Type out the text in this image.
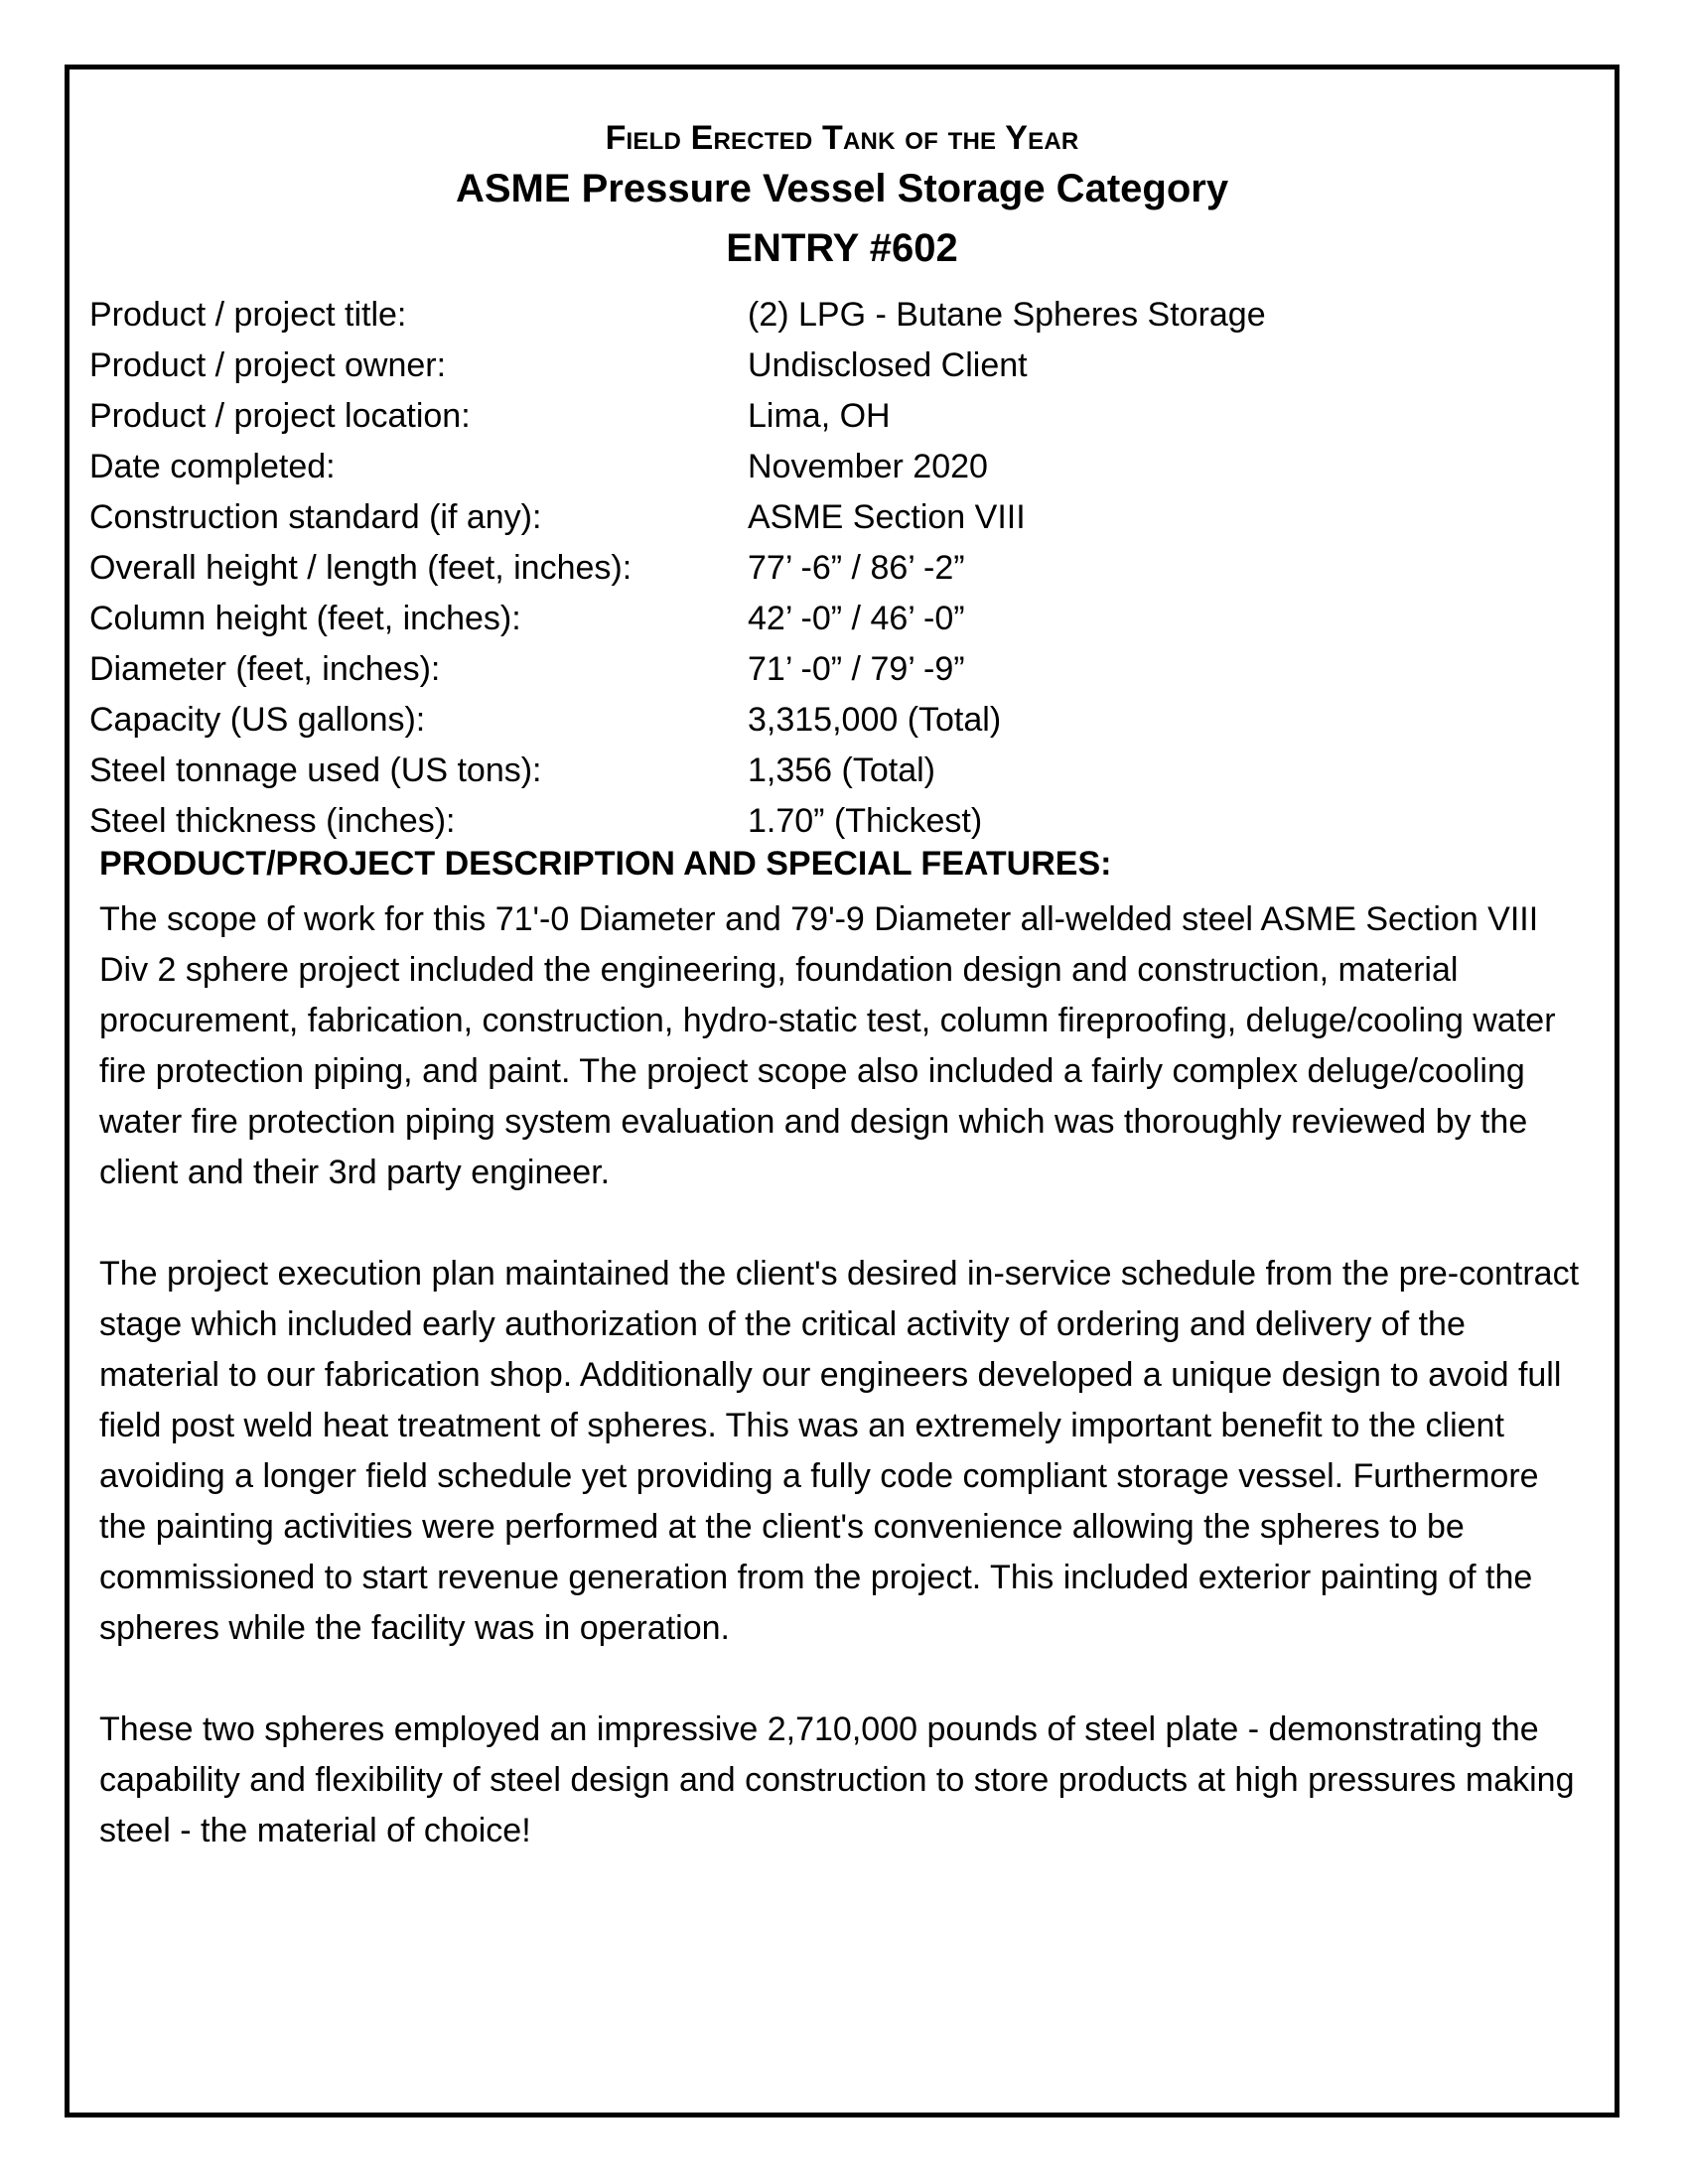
Field Erected Tank of the Year
ASME Pressure Vessel Storage Category
ENTRY #602
Product / project title:	(2) LPG - Butane Spheres Storage
Product / project owner:	Undisclosed Client
Product / project location:	Lima, OH
Date completed:	November 2020
Construction standard (if any):	ASME Section VIII
Overall height / length (feet, inches):	77’ -6” / 86’ -2”
Column height (feet, inches):	42’ -0” / 46’ -0”
Diameter (feet, inches):	71’ -0” / 79’ -9”
Capacity (US gallons):	3,315,000 (Total)
Steel tonnage used (US tons):	1,356 (Total)
Steel thickness (inches):	1.70” (Thickest)
PRODUCT/PROJECT DESCRIPTION AND SPECIAL FEATURES:

The scope of work for this 71'-0 Diameter and 79'-9 Diameter all-welded steel ASME Section VIII Div 2 sphere project included the engineering, foundation design and construction, material procurement, fabrication, construction, hydro-static test, column fireproofing, deluge/cooling water fire protection piping, and paint. The project scope also included a fairly complex deluge/cooling water fire protection piping system evaluation and design which was thoroughly reviewed by the client and their 3rd party engineer.

The project execution plan maintained the client's desired in-service schedule from the pre-contract stage which included early authorization of the critical activity of ordering and delivery of the material to our fabrication shop. Additionally our engineers developed a unique design to avoid full field post weld heat treatment of spheres. This was an extremely important benefit to the client avoiding a longer field schedule yet providing a fully code compliant storage vessel. Furthermore the painting activities were performed at the client's convenience allowing the spheres to be commissioned to start revenue generation from the project. This included exterior painting of the spheres while the facility was in operation.

These two spheres employed an impressive 2,710,000 pounds of steel plate - demonstrating the capability and flexibility of steel design and construction to store products at high pressures making steel - the material of choice!
